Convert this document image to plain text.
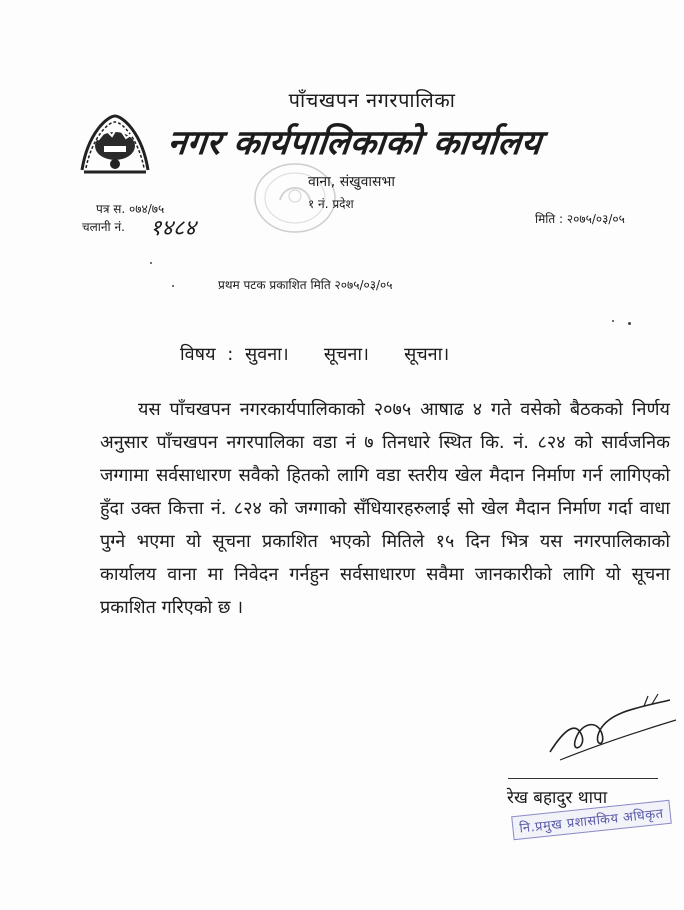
पाँचखपन नगरपालिका
नगर कार्यपालिकाको कार्यालय
वाना, संखुवासभा
१ नं. प्रदेश
पत्र स. ०७४/७५
चलानी नं. १४८४	मिति : २०७५/०३/०५
प्रथम पटक प्रकाशित मिति २०७५/०३/०५
विषय : सुवना।   सूचना।   सूचना।

यस पाँचखपन नगरकार्यपालिकाको २०७५ आषाढ ४ गते वसेको बैठकको निर्णय अनुसार पाँचखपन नगरपालिका वडा नं ७ तिनधारे स्थित कि. नं. ८२४ को सार्वजनिक जग्गामा सर्वसाधारण सवैको हितको लागि वडा स्तरीय खेल मैदान निर्माण गर्न लागिएको हुँदा उक्त कित्ता नं. ८२४ को जग्गाको सँधियारहरुलाई सो खेल मैदान निर्माण गर्दा वाधा पुग्ने भएमा यो सूचना प्रकाशित भएको मितिले १५ दिन भित्र यस नगरपालिकाको कार्यालय वाना मा निवेदन गर्नहुन सर्वसाधारण सवैमा जानकारीको लागि यो सूचना प्रकाशित गरिएको छ ।

रेख बहादुर थापा
नि.प्रमुख प्रशासकिय अधिकृत
